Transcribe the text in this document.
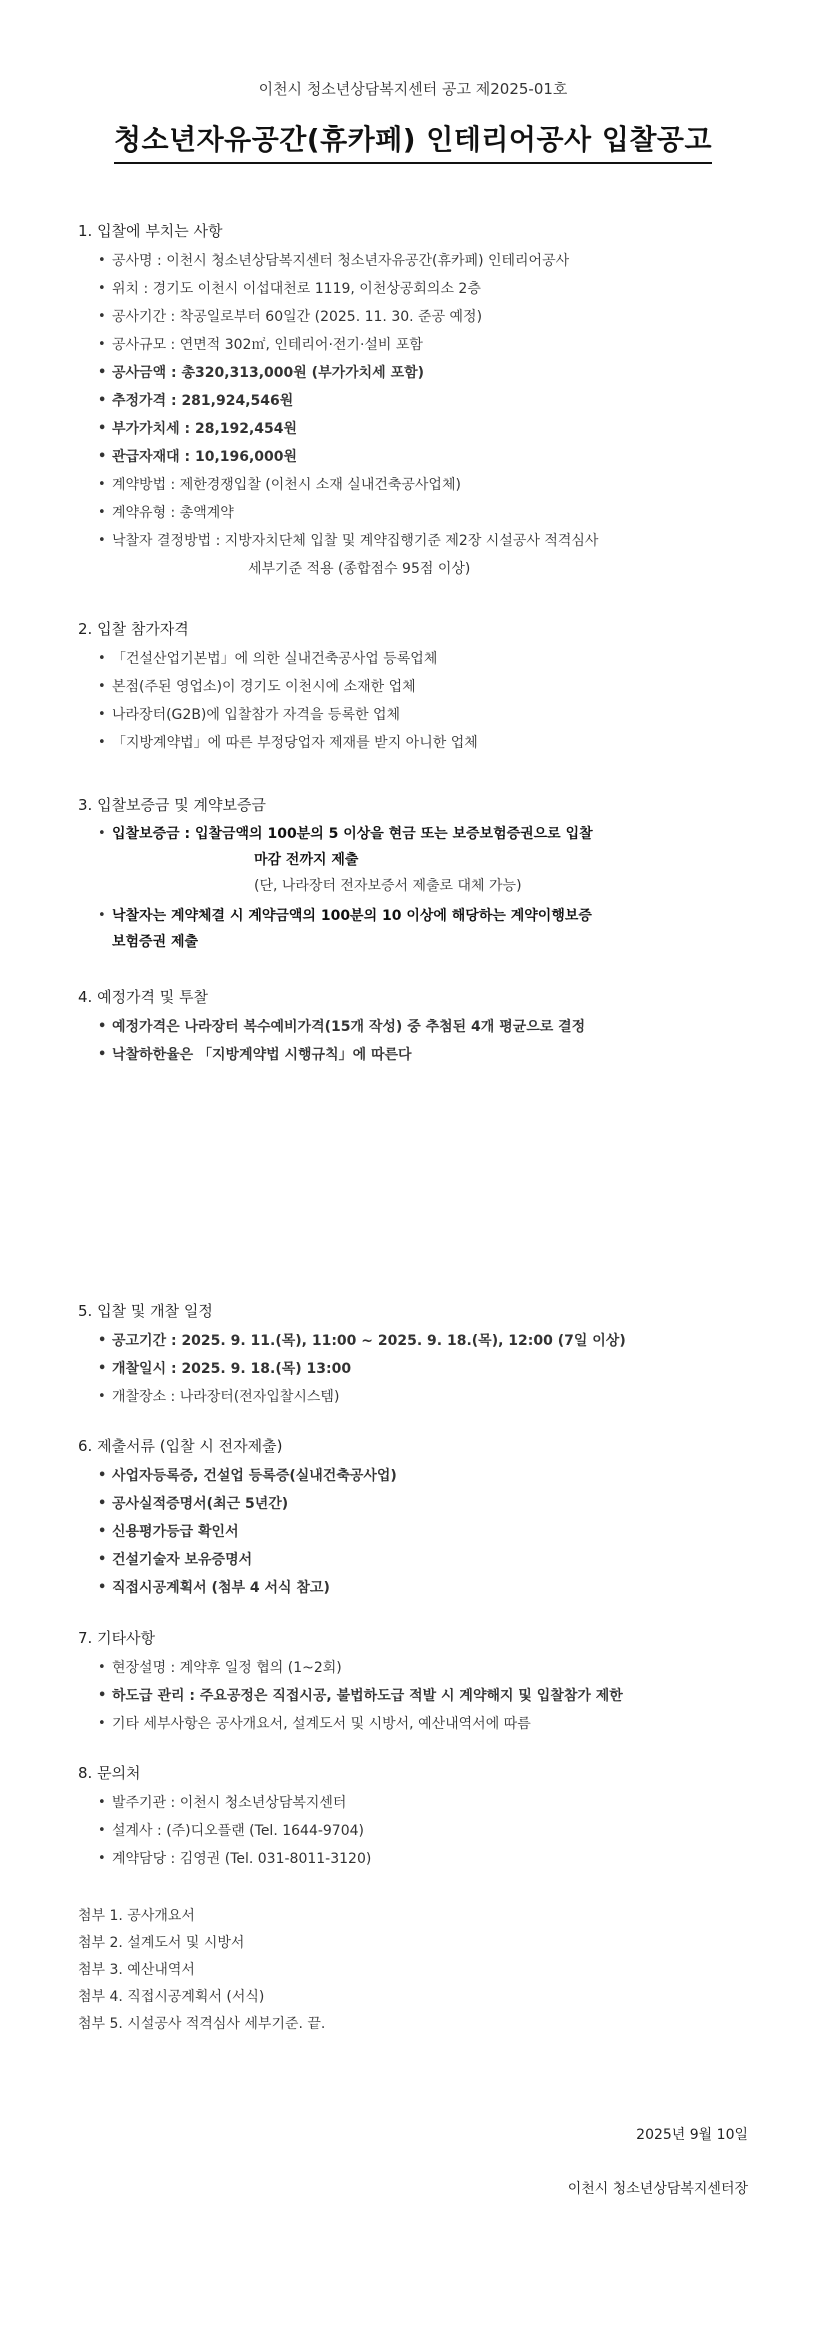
이천시 청소년상담복지센터 공고 제2025-01호
청소년자유공간(휴카페) 인테리어공사 입찰공고
1. 입찰에 부치는 사항
• 공사명 : 이천시 청소년상담복지센터 청소년자유공간(휴카페) 인테리어공사
• 위치 : 경기도 이천시 이섭대천로 1119, 이천상공회의소 2층
• 공사기간 : 착공일로부터 60일간 (2025. 11. 30. 준공 예정)
• 공사규모 : 연면적 302㎡, 인테리어·전기·설비 포함
• 공사금액 : 총320,313,000원 (부가가치세 포함)
• 추정가격 : 281,924,546원
• 부가가치세 : 28,192,454원
• 관급자재대 : 10,196,000원
• 계약방법 : 제한경쟁입찰 (이천시 소재 실내건축공사업체)
• 계약유형 : 총액계약
• 낙찰자 결정방법 : 지방자치단체 입찰 및 계약집행기준 제2장 시설공사 적격심사
세부기준 적용 (종합점수 95점 이상)
2. 입찰 참가자격
• 「건설산업기본법」에 의한 실내건축공사업 등록업체
• 본점(주된 영업소)이 경기도 이천시에 소재한 업체
• 나라장터(G2B)에 입찰참가 자격을 등록한 업체
• 「지방계약법」에 따른 부정당업자 제재를 받지 아니한 업체
3. 입찰보증금 및 계약보증금
• 입찰보증금 : 입찰금액의 100분의 5 이상을 현금 또는 보증보험증권으로 입찰
마감 전까지 제출
(단, 나라장터 전자보증서 제출로 대체 가능)
• 낙찰자는 계약체결 시 계약금액의 100분의 10 이상에 해당하는 계약이행보증
보험증권 제출
4. 예정가격 및 투찰
• 예정가격은 나라장터 복수예비가격(15개 작성) 중 추첨된 4개 평균으로 결정
• 낙찰하한율은 「지방계약법 시행규칙」에 따른다
5. 입찰 및 개찰 일정
• 공고기간 : 2025. 9. 11.(목), 11:00 ~ 2025. 9. 18.(목), 12:00 (7일 이상)
• 개찰일시 : 2025. 9. 18.(목) 13:00
• 개찰장소 : 나라장터(전자입찰시스템)
6. 제출서류 (입찰 시 전자제출)
• 사업자등록증, 건설업 등록증(실내건축공사업)
• 공사실적증명서(최근 5년간)
• 신용평가등급 확인서
• 건설기술자 보유증명서
• 직접시공계획서 (첨부 4 서식 참고)
7. 기타사항
• 현장설명 : 계약후 일정 협의 (1~2회)
• 하도급 관리 : 주요공정은 직접시공, 불법하도급 적발 시 계약해지 및 입찰참가 제한
• 기타 세부사항은 공사개요서, 설계도서 및 시방서, 예산내역서에 따름
8. 문의처
• 발주기관 : 이천시 청소년상담복지센터
• 설계사 : (주)디오플랜 (Tel. 1644-9704)
• 계약담당 : 김영권 (Tel. 031-8011-3120)
첨부 1. 공사개요서
첨부 2. 설계도서 및 시방서
첨부 3. 예산내역서
첨부 4. 직접시공계획서 (서식)
첨부 5. 시설공사 적격심사 세부기준. 끝.
2025년 9월 10일
이천시 청소년상담복지센터장
